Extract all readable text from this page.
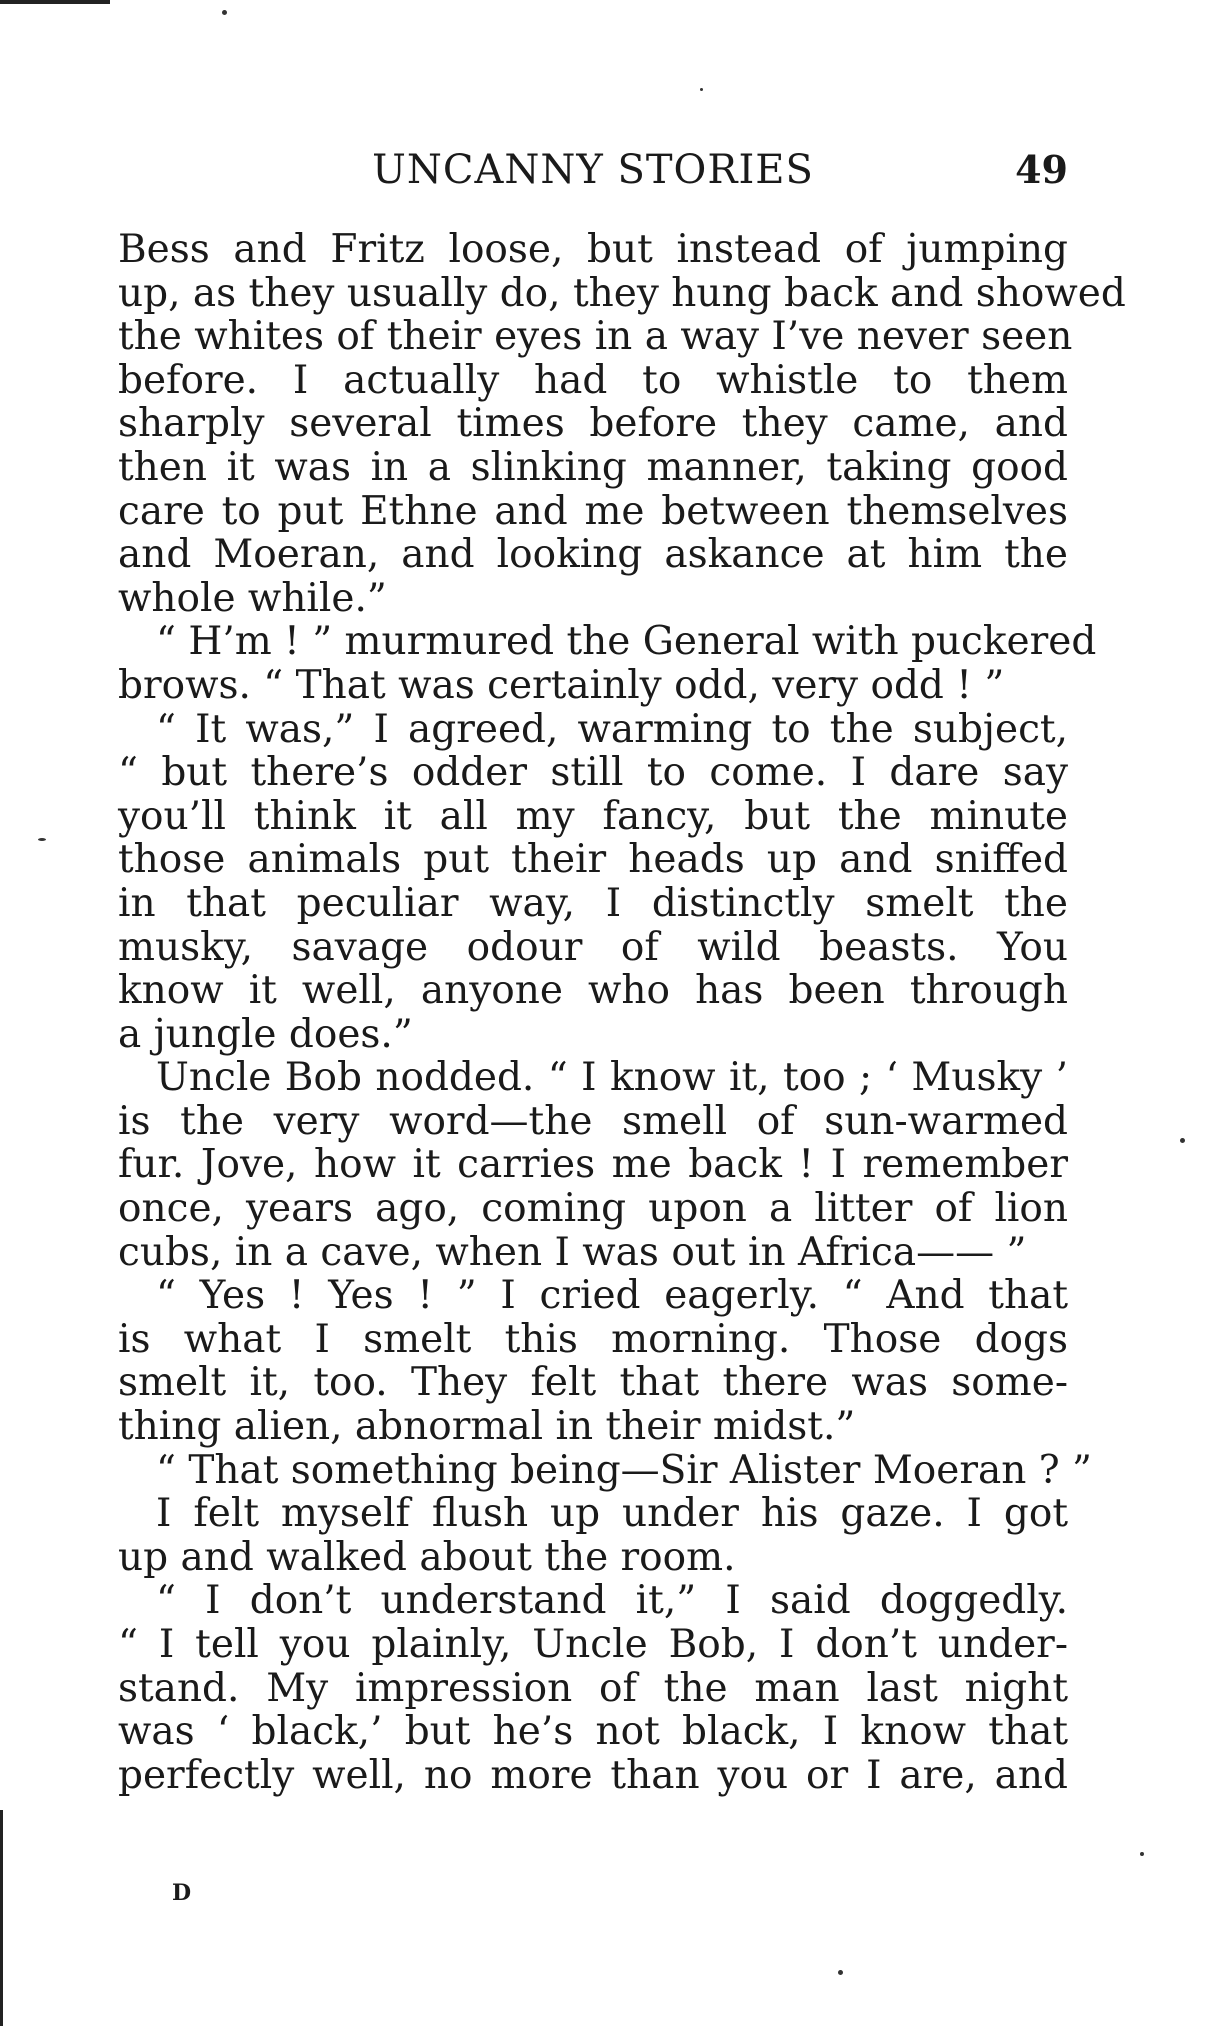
UNCANNY STORIES	49
Bess and Fritz loose, but instead of jumping
up, as they usually do, they hung back and showed
the whites of their eyes in a way I’ve never seen
before. I actually had to whistle to them
sharply several times before they came, and
then it was in a slinking manner, taking good
care to put Ethne and me between themselves
and Moeran, and looking askance at him the
whole while.”
“ H’m ! ” murmured the General with puckered
brows. “ That was certainly odd, very odd ! ”
“ It was,” I agreed, warming to the subject,
“ but there’s odder still to come. I dare say
you’ll think it all my fancy, but the minute
those animals put their heads up and sniffed
in that peculiar way, I distinctly smelt the
musky, savage odour of wild beasts. You
know it well, anyone who has been through
a jungle does.”
Uncle Bob nodded. “ I know it, too ; ‘ Musky ’
is the very word—the smell of sun-warmed
fur. Jove, how it carries me back ! I remember
once, years ago, coming upon a litter of lion
cubs, in a cave, when I was out in Africa—— ”
“ Yes ! Yes ! ” I cried eagerly. “ And that
is what I smelt this morning. Those dogs
smelt it, too. They felt that there was some-
thing alien, abnormal in their midst.”
“ That something being—Sir Alister Moeran ? ”
I felt myself flush up under his gaze. I got
up and walked about the room.
“ I don’t understand it,” I said doggedly.
“ I tell you plainly, Uncle Bob, I don’t under-
stand. My impression of the man last night
was ‘ black,’ but he’s not black, I know that
perfectly well, no more than you or I are, and
D
